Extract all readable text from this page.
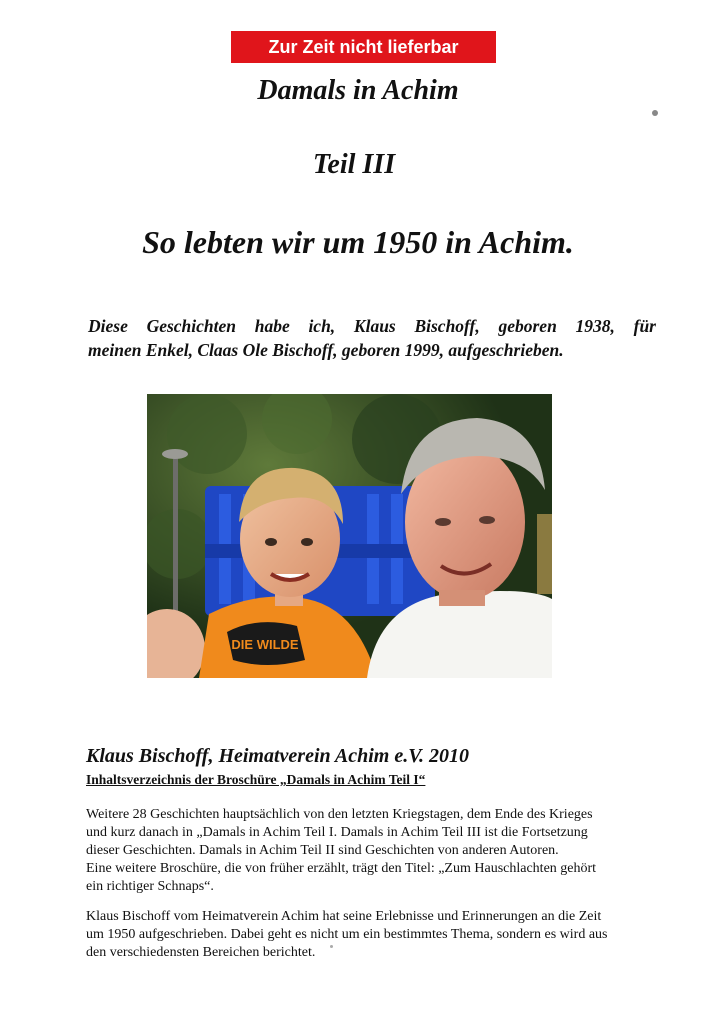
Zur Zeit nicht lieferbar
Damals in Achim
Teil III
So lebten wir um 1950 in Achim.
Diese Geschichten habe ich, Klaus Bischoff, geboren 1938, für
meinen Enkel, Claas Ole Bischoff, geboren 1999, aufgeschrieben.
DIE WILDE
Klaus Bischoff, Heimatverein Achim e.V. 2010
Inhaltsverzeichnis der Broschüre „Damals in Achim Teil I“
Weitere 28 Geschichten hauptsächlich von den letzten Kriegstagen, dem Ende des Krieges
und kurz danach in „Damals in Achim Teil I. Damals in Achim Teil III ist die Fortsetzung
dieser Geschichten. Damals in Achim Teil II sind Geschichten von anderen Autoren.
Eine weitere Broschüre, die von früher erzählt, trägt den Titel: „Zum Hauschlachten gehört
ein richtiger Schnaps“.
Klaus Bischoff vom Heimatverein Achim hat seine Erlebnisse und Erinnerungen an die Zeit
um 1950 aufgeschrieben. Dabei geht es nicht um ein bestimmtes Thema, sondern es wird aus
den verschiedensten Bereichen berichtet.
